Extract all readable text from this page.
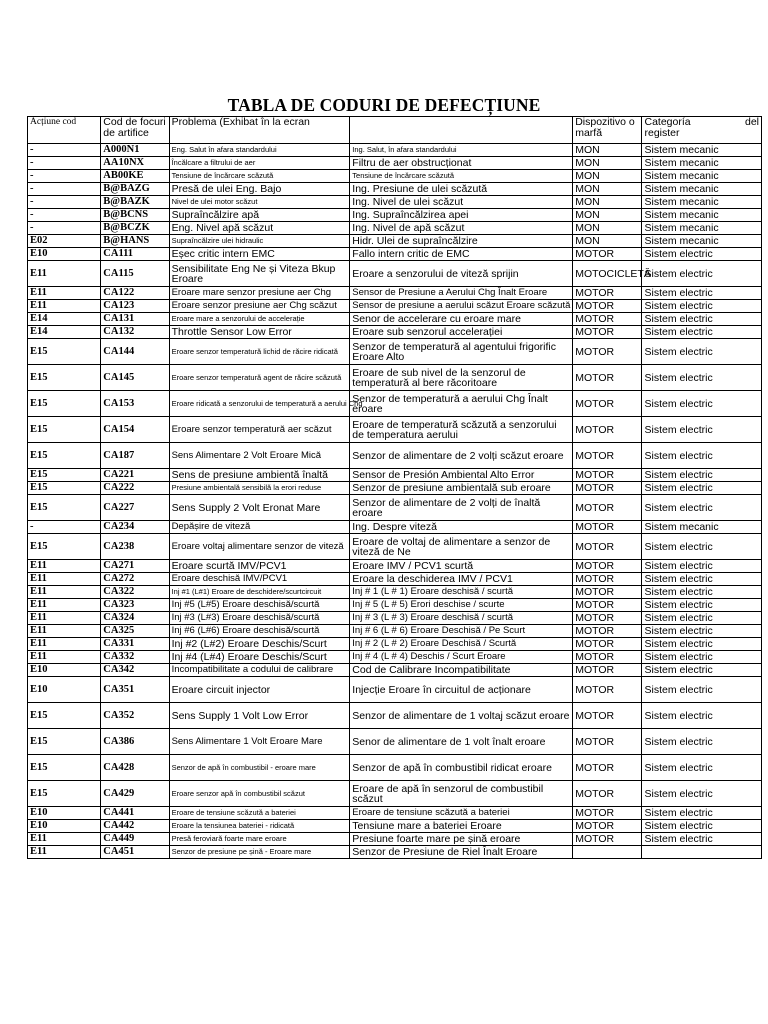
TABLA DE CODURI DE DEFECȚIUNE
Acțiune cod	Cod de focuri de artifice	Problema (Exhibat în la ecran		Dispozitivo o marfă	Categoría del
register

-	A000N1	Eng. Salut în afara standardului	Ing. Salut, în afara standardului	MON	Sistem mecanic
-	AA10NX	Încălcare a filtrului de aer	Filtru de aer obstrucționat	MON	Sistem mecanic
-	AB00KE	Tensiune de încărcare scăzută	Tensiune de încărcare scăzută	MON	Sistem mecanic
-	B@BAZG	Presă de ulei Eng. Bajo	Ing. Presiune de ulei scăzută	MON	Sistem mecanic
-	B@BAZK	Nivel de ulei motor scăzut	Ing. Nivel de ulei scăzut	MON	Sistem mecanic
-	B@BCNS	Supraîncălzire apă	Ing. Supraîncălzirea apei	MON	Sistem mecanic
-	B@BCZK	Eng. Nivel apă scăzut	Ing. Nivel de apă scăzut	MON	Sistem mecanic
E02	B@HANS	Supraîncălzire ulei hidraulic	Hidr. Ulei de supraîncălzire	MON	Sistem mecanic
E10	CA111	Eșec critic intern EMC	Fallo intern critic de EMC	MOTOR	Sistem electric
E11	CA115	Sensibilitate Eng Ne și Viteza Bkup Eroare	Eroare a senzorului de viteză sprijin	MOTOCICLETĂ	Sistem electric
E11	CA122	Eroare mare senzor presiune aer Chg	Sensor de Presiune a Aerului Chg Înalt Eroare	MOTOR	Sistem electric
E11	CA123	Eroare senzor presiune aer Chg scăzut	Sensor de presiune a aerului scăzut Eroare scăzută	MOTOR	Sistem electric
E14	CA131	Eroare mare a senzorului de accelerație	Senor de accelerare cu eroare mare	MOTOR	Sistem electric
E14	CA132	Throttle Sensor Low Error	Eroare sub senzorul accelerației	MOTOR	Sistem electric
E15	CA144	Eroare senzor temperatură lichid de răcire ridicată	Senzor de temperatură al agentului frigorific Eroare Alto	MOTOR	Sistem electric
E15	CA145	Eroare senzor temperatură agent de răcire scăzută	Eroare de sub nivel de la senzorul de temperatură al bere răcoritoare	MOTOR	Sistem electric
E15	CA153	Eroare ridicată a senzorului de temperatură a aerului Chg	Senzor de temperatură a aerului Chg Înalt eroare	MOTOR	Sistem electric
E15	CA154	Eroare senzor temperatură aer scăzut	Eroare de temperatură scăzută a senzorului de temperatura aerului	MOTOR	Sistem electric
E15	CA187	Sens Alimentare 2 Volt Eroare Mică	Senzor de alimentare de 2 volți scăzut eroare	MOTOR	Sistem electric
E15	CA221	Sens de presiune ambientă înaltă	Sensor de Presión Ambiental Alto Error	MOTOR	Sistem electric
E15	CA222	Presiune ambientală sensibilă la erori reduse	Senzor de presiune ambientală sub eroare	MOTOR	Sistem electric
E15	CA227	Sens Supply 2 Volt Eronat Mare	Senzor de alimentare de 2 volți de înaltă eroare	MOTOR	Sistem electric
-	CA234	Depășire de viteză	Ing. Despre viteză	MOTOR	Sistem mecanic
E15	CA238	Eroare voltaj alimentare senzor de viteză	Eroare de voltaj de alimentare a senzor de viteză de Ne	MOTOR	Sistem electric
E11	CA271	Eroare scurtă IMV/PCV1	Eroare IMV / PCV1 scurtă	MOTOR	Sistem electric
E11	CA272	Eroare deschisă IMV/PCV1	Eroare la deschiderea IMV / PCV1	MOTOR	Sistem electric
E11	CA322	Inj #1 (L#1) Eroare de deschidere/scurtcircuit	Inj # 1 (L # 1) Eroare deschisă / scurtă	MOTOR	Sistem electric
E11	CA323	Inj #5 (L#5) Eroare deschisă/scurtă	Inj # 5 (L # 5) Erori deschise / scurte	MOTOR	Sistem electric
E11	CA324	Inj #3 (L#3) Eroare deschisă/scurtă	Inj # 3 (L # 3) Eroare deschisă / scurtă	MOTOR	Sistem electric
E11	CA325	Inj #6 (L#6) Eroare deschisă/scurtă	Inj # 6 (L # 6) Eroare Deschisă / Pe Scurt	MOTOR	Sistem electric
E11	CA331	Inj #2 (L#2) Eroare Deschis/Scurt	Inj # 2 (L # 2) Eroare Deschisă / Scurtă	MOTOR	Sistem electric
E11	CA332	Inj #4 (L#4) Eroare Deschis/Scurt	Inj # 4 (L # 4) Deschis / Scurt Eroare	MOTOR	Sistem electric
E10	CA342	Incompatibilitate a codului de calibrare	Cod de Calibrare Incompatibilitate	MOTOR	Sistem electric
E10	CA351	Eroare circuit injector	Injecție Eroare în circuitul de acționare	MOTOR	Sistem electric
E15	CA352	Sens Supply 1 Volt Low Error	Senzor de alimentare de 1 voltaj scăzut eroare	MOTOR	Sistem electric
E15	CA386	Sens Alimentare 1 Volt Eroare Mare	Senor de alimentare de 1 volt înalt eroare	MOTOR	Sistem electric
E15	CA428	Senzor de apă în combustibil - eroare mare	Senzor de apă în combustibil ridicat eroare	MOTOR	Sistem electric
E15	CA429	Eroare senzor apă în combustibil scăzut	Eroare de apă în senzorul de combustibil scăzut	MOTOR	Sistem electric
E10	CA441	Eroare de tensiune scăzută a bateriei	Eroare de tensiune scăzută a bateriei	MOTOR	Sistem electric
E10	CA442	Eroare la tensiunea bateriei - ridicată	Tensiune mare a bateriei Eroare	MOTOR	Sistem electric
E11	CA449	Presă feroviară foarte mare eroare	Presiune foarte mare pe șină eroare	MOTOR	Sistem electric
E11	CA451	Senzor de presiune pe șină - Eroare mare	Senzor de Presiune de Riel Înalt Eroare		
